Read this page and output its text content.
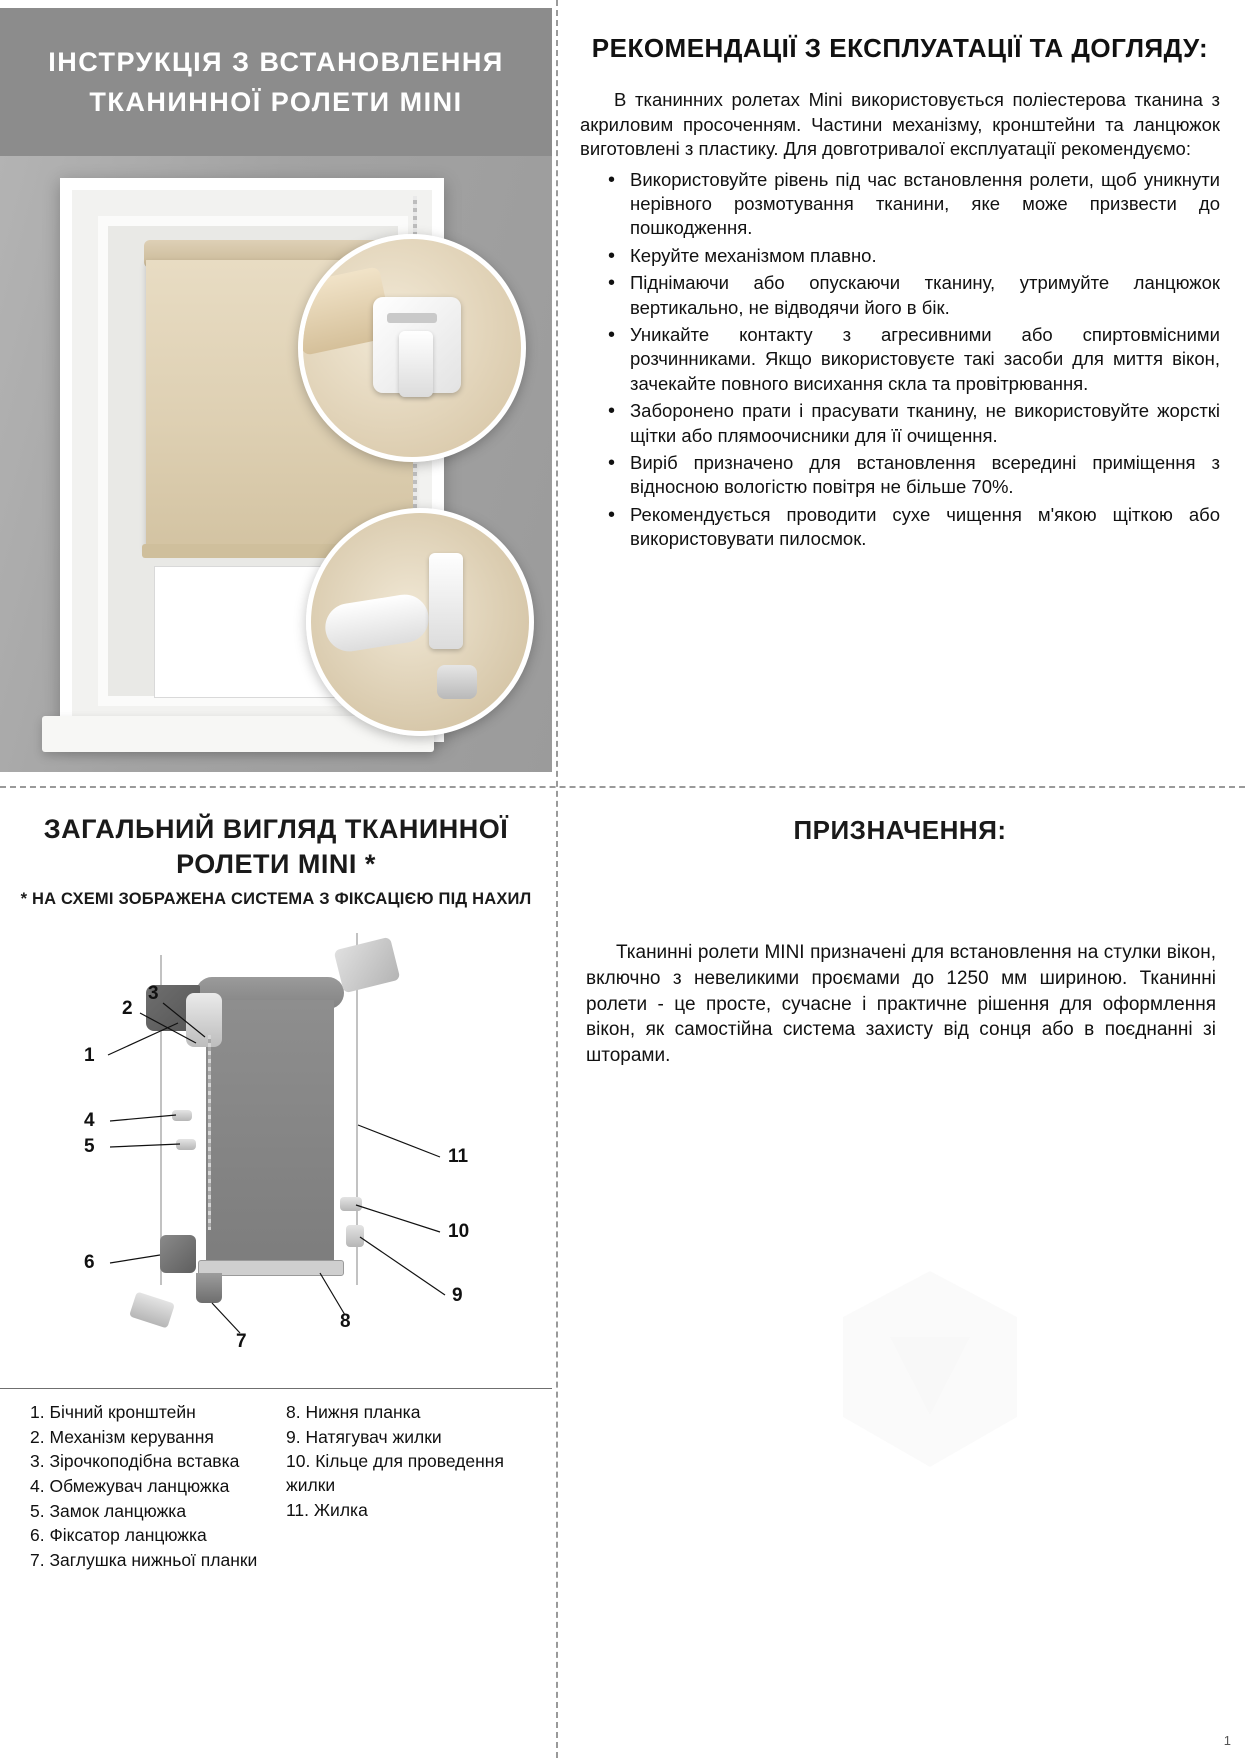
ІНСТРУКЦІЯ З ВСТАНОВЛЕННЯ ТКАНИННОЇ РОЛЕТИ MINI
РЕКОМЕНДАЦІЇ З ЕКСПЛУАТАЦІЇ ТА ДОГЛЯДУ:
В тканинних ролетах Mini використовується поліестерова тканина з акриловим просоченням. Частини механізму, кронштейни та ланцюжок виготовлені з пластику. Для довготривалої експлуатації рекомендуємо:
• Використовуйте рівень під час встановлення ролети, щоб уникнути нерівного розмотування тканини, яке може призвести до пошкодження.
• Керуйте механізмом плавно.
• Піднімаючи або опускаючи тканину, утримуйте ланцюжок вертикально, не відводячи його в бік.
• Уникайте контакту з агресивними або спиртовмісними розчинниками. Якщо використовуєте такі засоби для миття вікон, зачекайте повного висихання скла та провітрювання.
• Заборонено прати і прасувати тканину, не використовуйте жорсткі щітки або плямоочисники для її очищення.
• Виріб призначено для встановлення всередині приміщення з відносною вологістю повітря не більше 70%.
• Рекомендується проводити сухе чищення м'якою щіткою або використовувати пилосмок.
ЗАГАЛЬНИЙ ВИГЛЯД ТКАНИННОЇ РОЛЕТИ MINI *
* НА СХЕМІ ЗОБРАЖЕНА СИСТЕМА З ФІКСАЦІЄЮ ПІД НАХИЛ
1
2
3
4
5
6
7
8
9
10
11
1. Бічний кронштейн
2. Механізм керування
3. Зірочкоподібна вставка
4. Обмежувач ланцюжка
5. Замок ланцюжка
6. Фіксатор ланцюжка
7. Заглушка нижньої планки
8. Нижня планка
9. Натягувач жилки
10. Кільце для проведення жилки
11. Жилка
ПРИЗНАЧЕННЯ:
Тканинні ролети MINI призначені для встановлення на стулки вікон, включно з невеликими проємами до 1250 мм шириною. Тканинні ролети - це просте, сучасне і практичне рішення для оформлення вікон, як самостійна система захисту від сонця або в поєднанні зі шторами.
1
